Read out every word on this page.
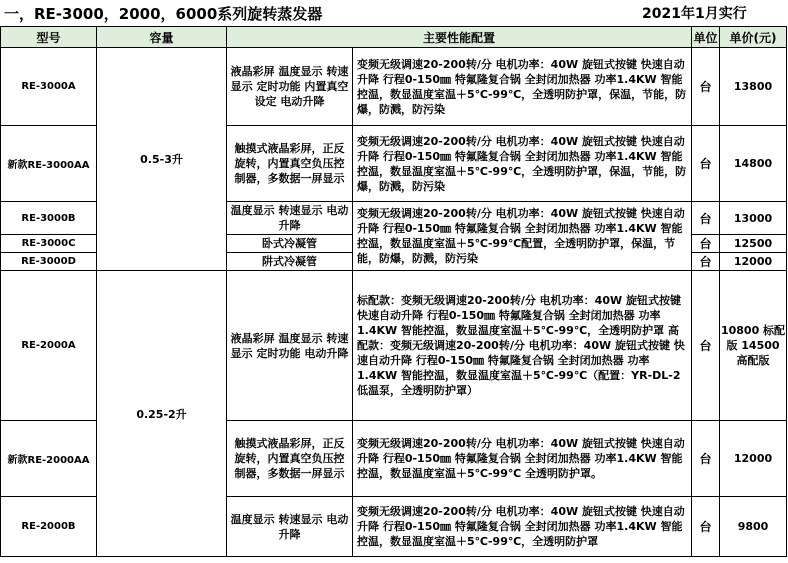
一，RE-3000，2000，6000系列旋转蒸发器	2021年1月实行
型号	容量	主要性能配置		单位	单价(元)
RE-3000A	0.5-3升	液晶彩屏 温度显示 转速显示 定时功能 内置真空设定 电动升降	变频无级调速20-200转/分 电机功率：40W 旋钮式按键 快速自动升降 行程0-150㎜ 特氟隆复合锅 全封闭加热器 功率1.4KW 智能控温，数显温度室温＋5℃-99℃，全透明防护罩，保温，节能，防爆，防溅，防污染	台	13800
新款RE-3000AA		触摸式液晶彩屏，正反旋转，内置真空负压控制器，多数据一屏显示	变频无级调速20-200转/分 电机功率：40W 旋钮式按键 快速自动升降 行程0-150㎜ 特氟隆复合锅 全封闭加热器 功率1.4KW 智能控温，数显温度室温＋5℃-99℃，全透明防护罩，保温，节能，防爆，防溅，防污染	台	14800
RE-3000B		温度显示 转速显示 电动升降	变频无级调速20-200转/分 电机功率：40W 旋钮式按键 快速自动升降 行程0-150㎜ 特氟隆复合锅 全封闭加热器 功率1.4KW 智能控温，数显温度室温＋5℃-99℃配置，全透明防护罩，保温，节能，防爆，防溅，防污染	台	13000
RE-3000C		卧式冷凝管		台	12500
RE-3000D		阱式冷凝管		台	12000
RE-2000A	0.25-2升	液晶彩屏 温度显示 转速显示 定时功能 电动升降	标配款：变频无级调速20-200转/分 电机功率：40W 旋钮式按键 快速自动升降 行程0-150㎜ 特氟隆复合锅 全封闭加热器 功率1.4KW 智能控温，数显温度室温＋5℃-99℃，全透明防护罩 高配款：变频无级调速20-200转/分 电机功率：40W 旋钮式按键 快速自动升降 行程0-150㎜ 特氟隆复合锅 全封闭加热器 功率1.4KW 智能控温，数显温度室温＋5℃-99℃（配置：YR-DL-2低温泵，全透明防护罩）	台	10800 标配版 14500 高配版
新款RE-2000AA		触摸式液晶彩屏，正反旋转，内置真空负压控制器，多数据一屏显示	变频无级调速20-200转/分 电机功率：40W 旋钮式按键 快速自动升降 行程0-150㎜ 特氟隆复合锅 全封闭加热器 功率1.4KW 智能控温，数显温度室温＋5℃-99℃ 全透明防护罩。	台	12000
RE-2000B		温度显示 转速显示 电动升降	变频无级调速20-200转/分 电机功率：40W 旋钮式按键 快速自动升降 行程0-150㎜ 特氟隆复合锅 全封闭加热器 功率1.4KW 智能控温，数显温度室温＋5℃-99℃，全透明防护罩	台	9800
